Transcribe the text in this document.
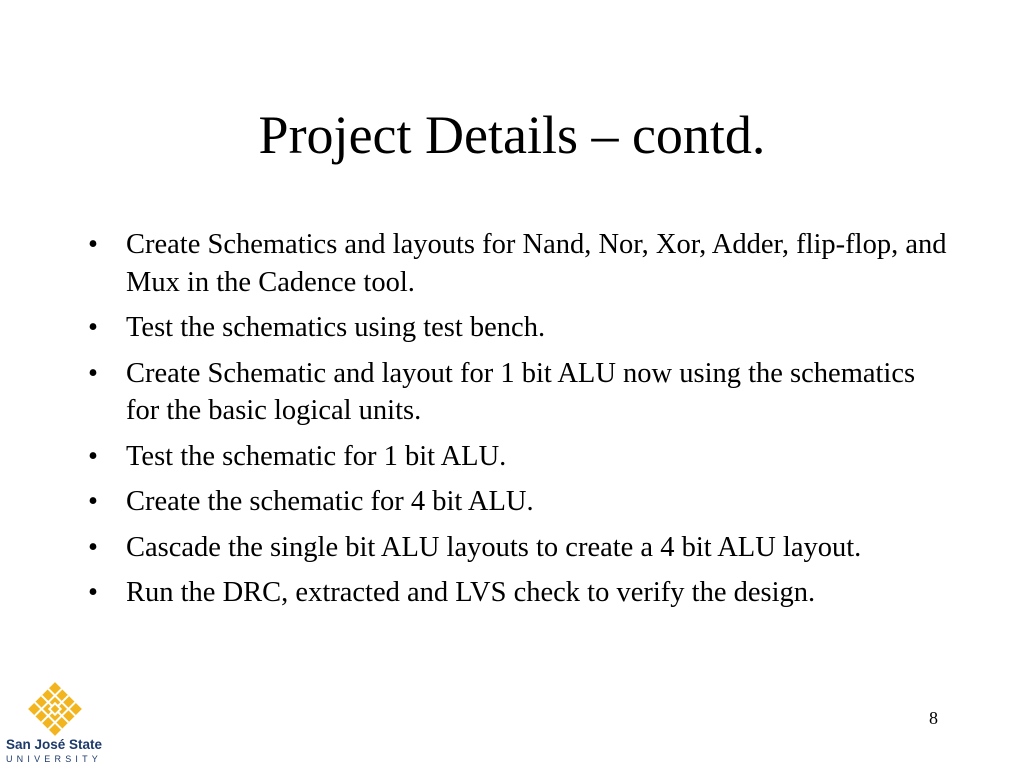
Project Details – contd.
• Create Schematics and layouts for Nand, Nor, Xor, Adder, flip-flop, and Mux in the Cadence tool.
• Test the schematics using test bench.
• Create Schematic and layout for 1 bit ALU now using the schematics for the basic logical units.
• Test the schematic for 1 bit ALU.
• Create the schematic for 4 bit ALU.
• Cascade the single bit ALU layouts to create a 4 bit ALU layout.
• Run the DRC, extracted and LVS check to verify the design.
8
San José State
UNIVERSITY
